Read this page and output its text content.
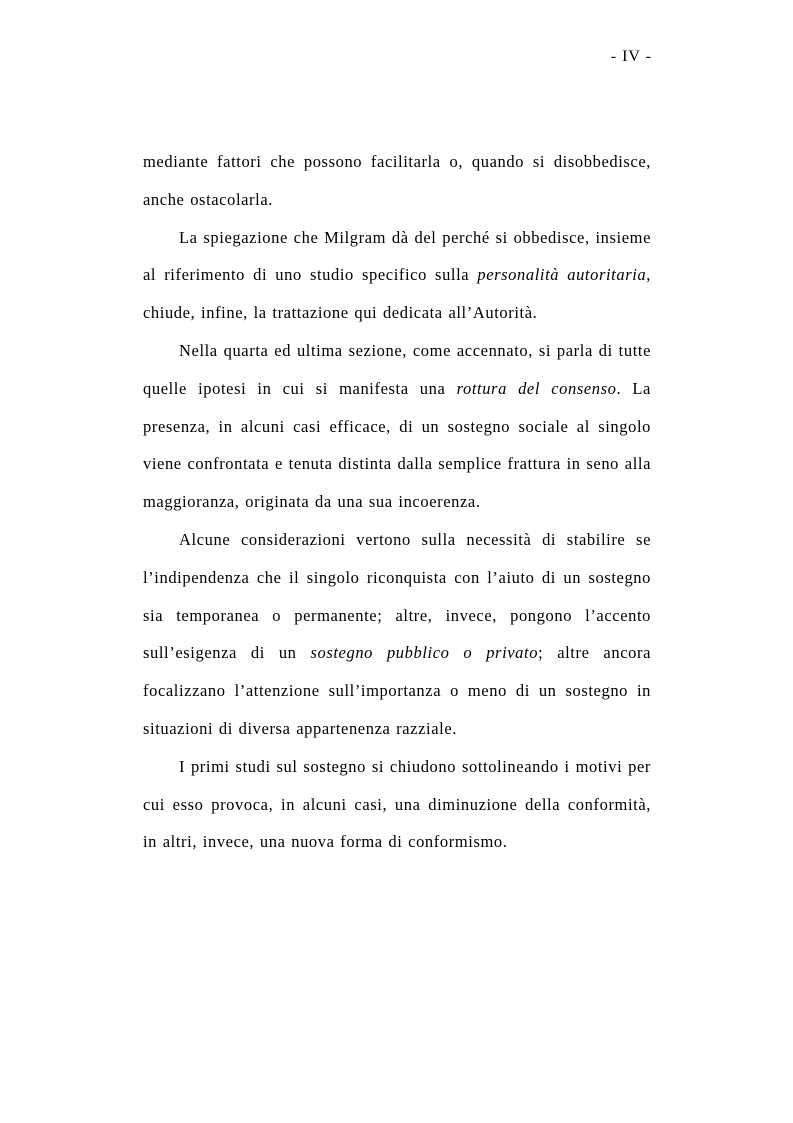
- IV -

mediante fattori che possono facilitarla o, quando si disobbedisce, anche ostacolarla.

La spiegazione che Milgram dà del perché si obbedisce, insieme al riferimento di uno studio specifico sulla personalità autoritaria, chiude, infine, la trattazione qui dedicata all’Autorità.

Nella quarta ed ultima sezione, come accennato, si parla di tutte quelle ipotesi in cui si manifesta una rottura del consenso. La presenza, in alcuni casi efficace, di un sostegno sociale al singolo viene confrontata e tenuta distinta dalla semplice frattura in seno alla maggioranza, originata da una sua incoerenza.

Alcune considerazioni vertono sulla necessità di stabilire se l’indipendenza che il singolo riconquista con l’aiuto di un sostegno sia temporanea o permanente; altre, invece, pongono l’accento sull’esigenza di un sostegno pubblico o privato; altre ancora focalizzano l’attenzione sull’importanza o meno di un sostegno in situazioni di diversa appartenenza razziale.

I primi studi sul sostegno si chiudono sottolineando i motivi per cui esso provoca, in alcuni casi, una diminuzione della conformità, in altri, invece, una nuova forma di conformismo.
